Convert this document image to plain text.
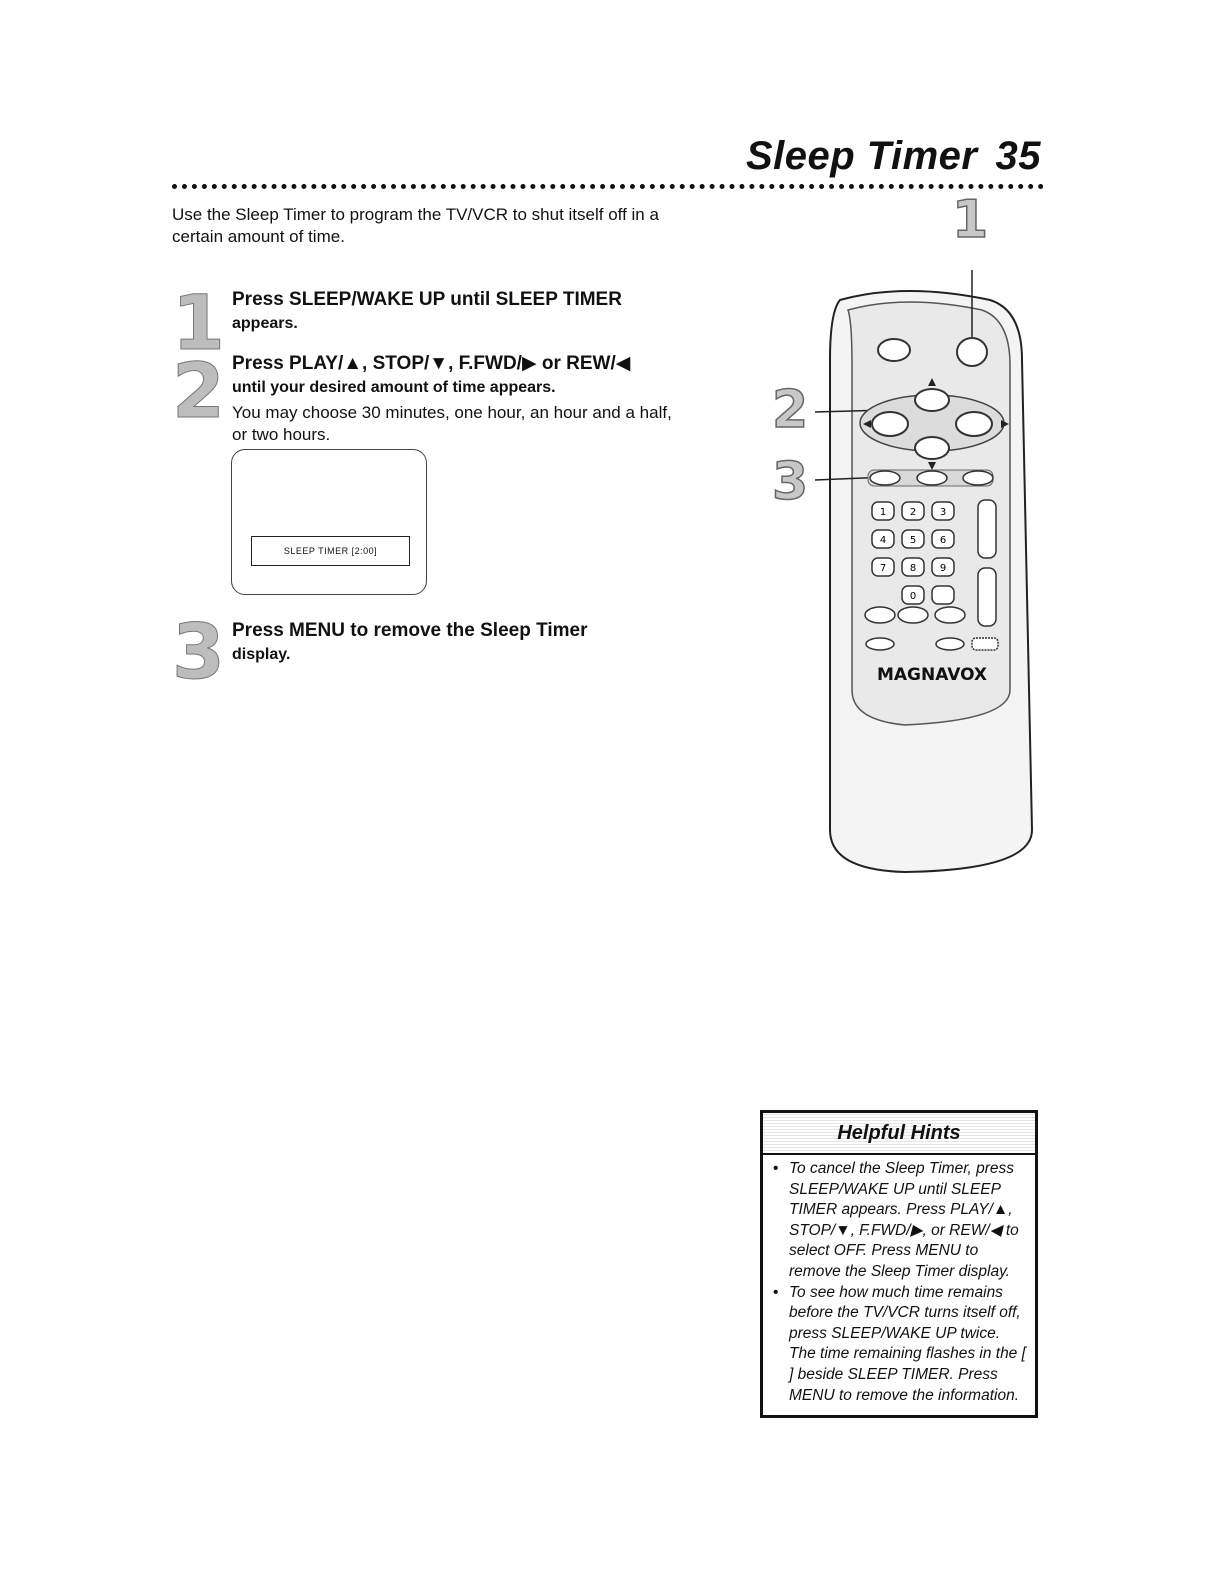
Sleep Timer 35
Use the Sleep Timer to program the TV/VCR to shut itself off in a certain amount of time.
1 Press SLEEP/WAKE UP until SLEEP TIMER
appears.
2 Press PLAY/▲, STOP/▼, F.FWD/▶ or REW/◀
until your desired amount of time appears.
You may choose 30 minutes, one hour, an hour and a half, or two hours.
SLEEP TIMER [2:00]
3 Press MENU to remove the Sleep Timer
display.
1
2
3
1 2 3
4 5 6
7 8 9
0
MAGNAVOX
Helpful Hints
• To cancel the Sleep Timer, press SLEEP/WAKE UP until SLEEP TIMER appears. Press PLAY/▲, STOP/▼, F.FWD/▶, or REW/◀ to select OFF. Press MENU to remove the Sleep Timer display.
• To see how much time remains before the TV/VCR turns itself off, press SLEEP/WAKE UP twice. The time remaining flashes in the [ ] beside SLEEP TIMER. Press MENU to remove the information.
